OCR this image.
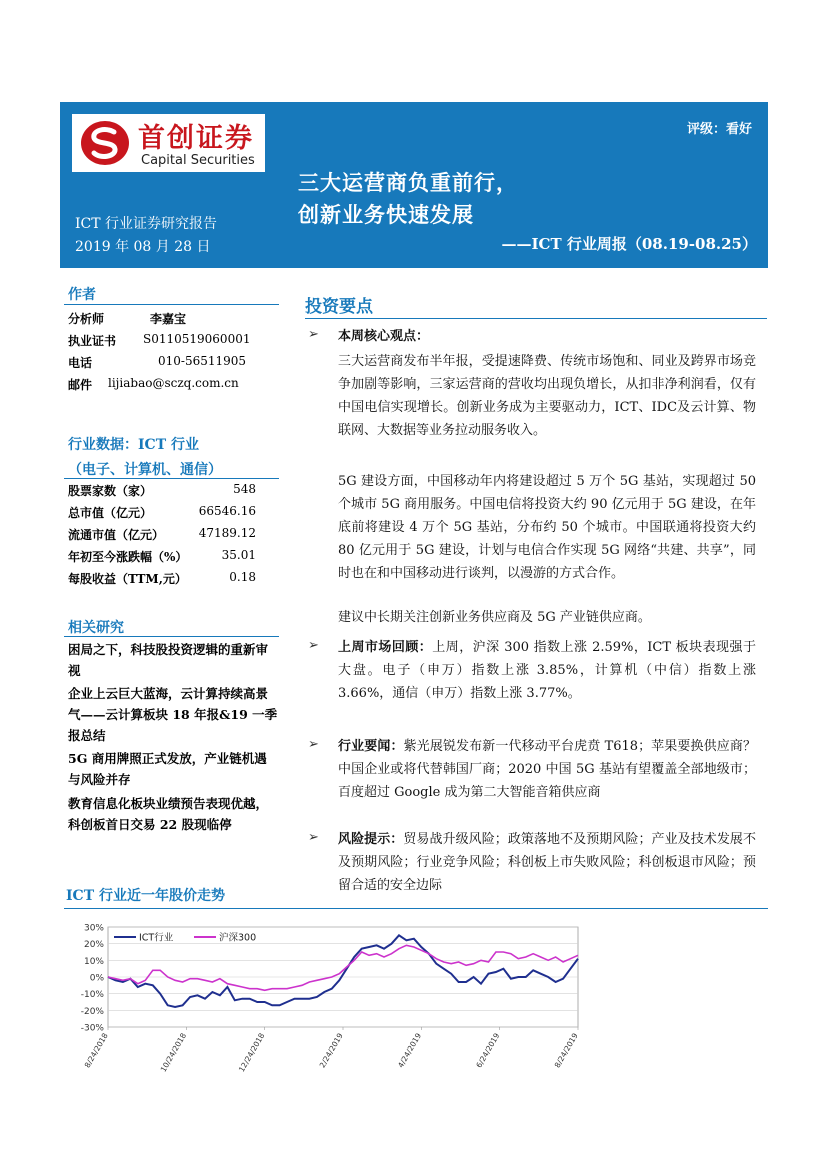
首创证券
Capital Securities
评级：看好
ICT 行业证券研究报告
2019 年 08 月 28 日
三大运营商负重前行，
创新业务快速发展
——ICT 行业周报（08.19-08.25）
作者
分析师	李嘉宝
执业证书 S0110519060001
电话	010-56511905
邮件 lijiabao@sczq.com.cn
行业数据：ICT 行业
（电子、计算机、通信）
股票家数（家）	548
总市值（亿元）	66546.16
流通市值（亿元）	47189.12
年初至今涨跌幅（%）	35.01
每股收益（TTM,元）	0.18
相关研究
困局之下，科技股投资逻辑的重新审视
企业上云巨大蓝海，云计算持续高景气——云计算板块 18 年报&19 一季报总结
5G 商用牌照正式发放，产业链机遇与风险并存
教育信息化板块业绩预告表现优越，科创板首日交易 22 股现临停
投资要点
➢ 本周核心观点：
三大运营商发布半年报，受提速降费、传统市场饱和、同业及跨界市场竞争加剧等影响，三家运营商的营收均出现负增长，从扣非净利润看，仅有中国电信实现增长。创新业务成为主要驱动力，ICT、IDC及云计算、物联网、大数据等业务拉动服务收入。
5G 建设方面，中国移动年内将建设超过 5 万个 5G 基站，实现超过 50 个城市 5G 商用服务。中国电信将投资大约 90 亿元用于 5G 建设，在年底前将建设 4 万个 5G 基站，分布约 50 个城市。中国联通将投资大约 80 亿元用于 5G 建设，计划与电信合作实现 5G 网络“共建、共享”，同时也在和中国移动进行谈判，以漫游的方式合作。
建议中长期关注创新业务供应商及 5G 产业链供应商。
➢ 上周市场回顾：上周，沪深 300 指数上涨 2.59%，ICT 板块表现强于大盘。电子（申万）指数上涨 3.85%，计算机（中信）指数上涨 3.66%，通信（申万）指数上涨 3.77%。
➢ 行业要闻：紫光展锐发布新一代移动平台虎贲 T618；苹果要换供应商？中国企业或将代替韩国厂商；2020 中国 5G 基站有望覆盖全部地级市；百度超过 Google 成为第二大智能音箱供应商
➢ 风险提示：贸易战升级风险；政策落地不及预期风险；产业及技术发展不及预期风险；行业竞争风险；科创板上市失败风险；科创板退市风险；预留合适的安全边际
ICT 行业近一年股价走势
30%
20%
10%
0%
-10%
-20%
-30%
8/24/2018	10/24/2018	12/24/2018	2/24/2019	4/24/2019	6/24/2019	8/24/2019
ICT行业	沪深300
